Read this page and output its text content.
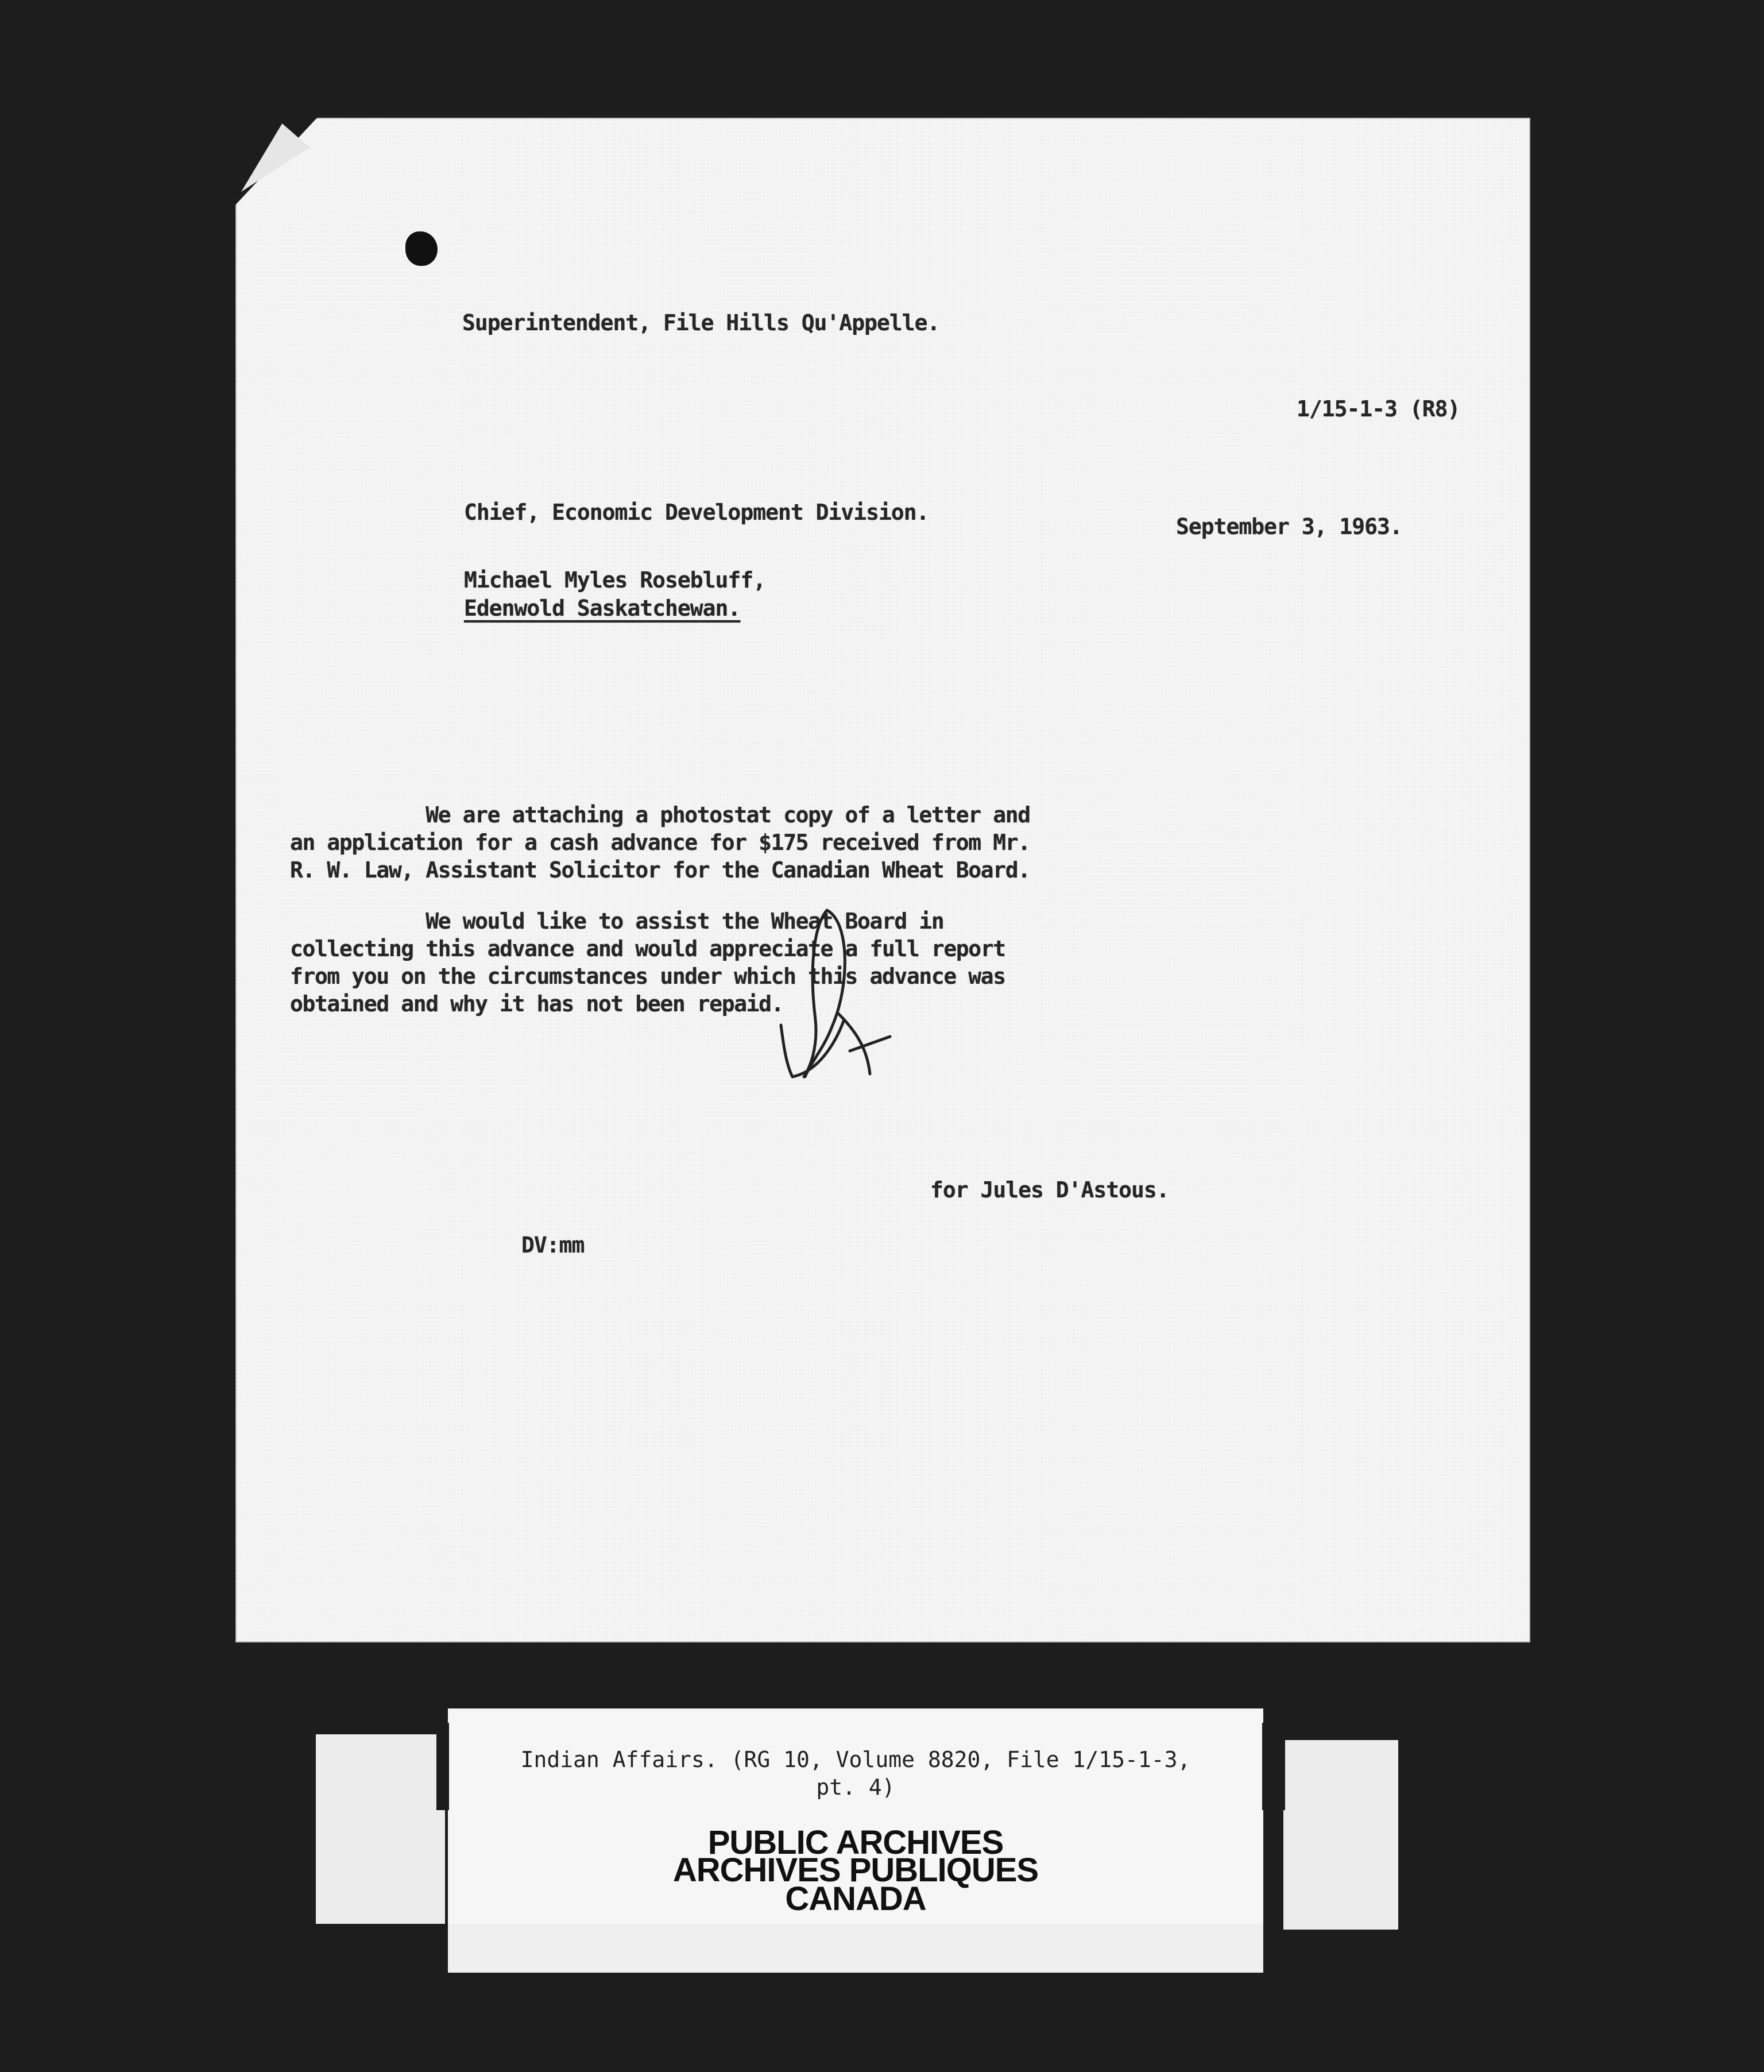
Superintendent, File Hills Qu'Appelle.
1/15-1-3 (R8)
Chief, Economic Development Division.
September 3, 1963.
Michael Myles Rosebluff,
Edenwold Saskatchewan.

We are attaching a photostat copy of a letter and

an application for a cash advance for $175 received from Mr.

R. W. Law, Assistant Solicitor for the Canadian Wheat Board.

We would like to assist the Wheat Board in

collecting this advance and would appreciate a full report

from you on the circumstances under which this advance was

obtained and why it has not been repaid.

for Jules D'Astous.
DV:mm
Indian Affairs. (RG 10, Volume 8820, File 1/15-1-3,
pt. 4)
PUBLIC ARCHIVES
ARCHIVES PUBLIQUES
CANADA
